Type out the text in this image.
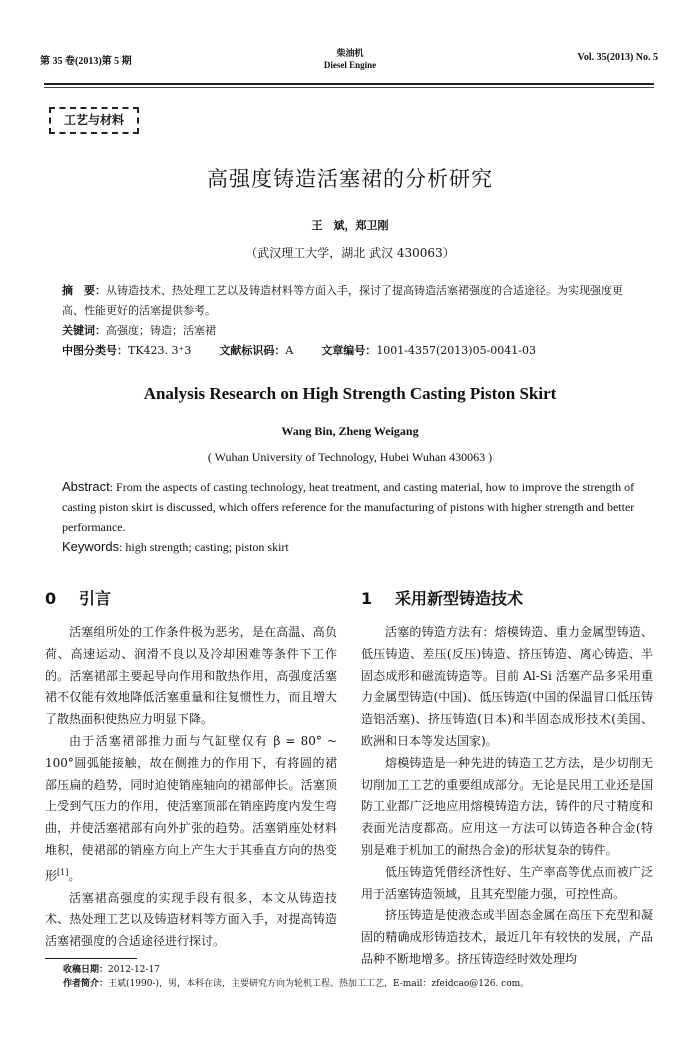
第 35 卷(2013)第 5 期
柴油机
Diesel Engine
Vol. 35(2013) No. 5
工艺与材料
高强度铸造活塞裙的分析研究
王　斌，郑卫刚
（武汉理工大学，湖北 武汉 430063）
摘　要：从铸造技术、热处理工艺以及铸造材料等方面入手，探讨了提高铸造活塞裙强度的合适途径。为实现强度更高、性能更好的活塞提供参考。
关键词：高强度；铸造；活塞裙
中图分类号：TK423. 3⁺3	文献标识码：A	文章编号：1001-4357(2013)05-0041-03
Analysis Research on High Strength Casting Piston Skirt
Wang Bin, Zheng Weigang
( Wuhan University of Technology, Hubei Wuhan 430063 )
Abstract: From the aspects of casting technology, heat treatment, and casting material, how to improve the strength of casting piston skirt is discussed, which offers reference for the manufacturing of pistons with higher strength and better performance.
Keywords: high strength; casting; piston skirt
0 引言

活塞组所处的工作条件极为恶劣，是在高温、高负荷、高速运动、润滑不良以及冷却困难等条件下工作的。活塞裙部主要起导向作用和散热作用，高强度活塞裙不仅能有效地降低活塞重量和往复惯性力，而且增大了散热面积使热应力明显下降。

由于活塞裙部推力面与气缸壁仅有 β = 80° ~ 100°圆弧能接触，故在侧推力的作用下，有将圆的裙部压扁的趋势，同时迫使销座轴向的裙部伸长。活塞顶上受到气压力的作用，使活塞顶部在销座跨度内发生弯曲，并使活塞裙部有向外扩张的趋势。活塞销座处材料堆积，使裙部的销座方向上产生大于其垂直方向的热变形[1]。

活塞裙高强度的实现手段有很多，本文从铸造技术、热处理工艺以及铸造材料等方面入手，对提高铸造活塞裙强度的合适途径进行探讨。

1 采用新型铸造技术

活塞的铸造方法有：熔模铸造、重力金属型铸造、低压铸造、差压(反压)铸造、挤压铸造、离心铸造、半固态成形和磁流铸造等。目前 Al-Si 活塞产品多采用重力金属型铸造(中国)、低压铸造(中国的保温冒口低压铸造铝活塞)、挤压铸造(日本)和半固态成形技术(美国、欧洲和日本等发达国家)。

熔模铸造是一种先进的铸造工艺方法，是少切削无切削加工工艺的重要组成部分。无论是民用工业还是国防工业都广泛地应用熔模铸造方法，铸件的尺寸精度和表面光洁度都高。应用这一方法可以铸造各种合金(特别是难于机加工的耐热合金)的形状复杂的铸件。

低压铸造凭借经济性好、生产率高等优点而被广泛用于活塞铸造领域，且其充型能力强，可控性高。

挤压铸造是使液态或半固态金属在高压下充型和凝固的精确成形铸造技术，最近几年有较快的发展，产品品种不断地增多。挤压铸造经时效处理均

收稿日期：2012-12-17
作者简介：王斌(1990-)，男，本科在读，主要研究方向为轮机工程、热加工工艺，E-mail：zfeidcao@126. com。
